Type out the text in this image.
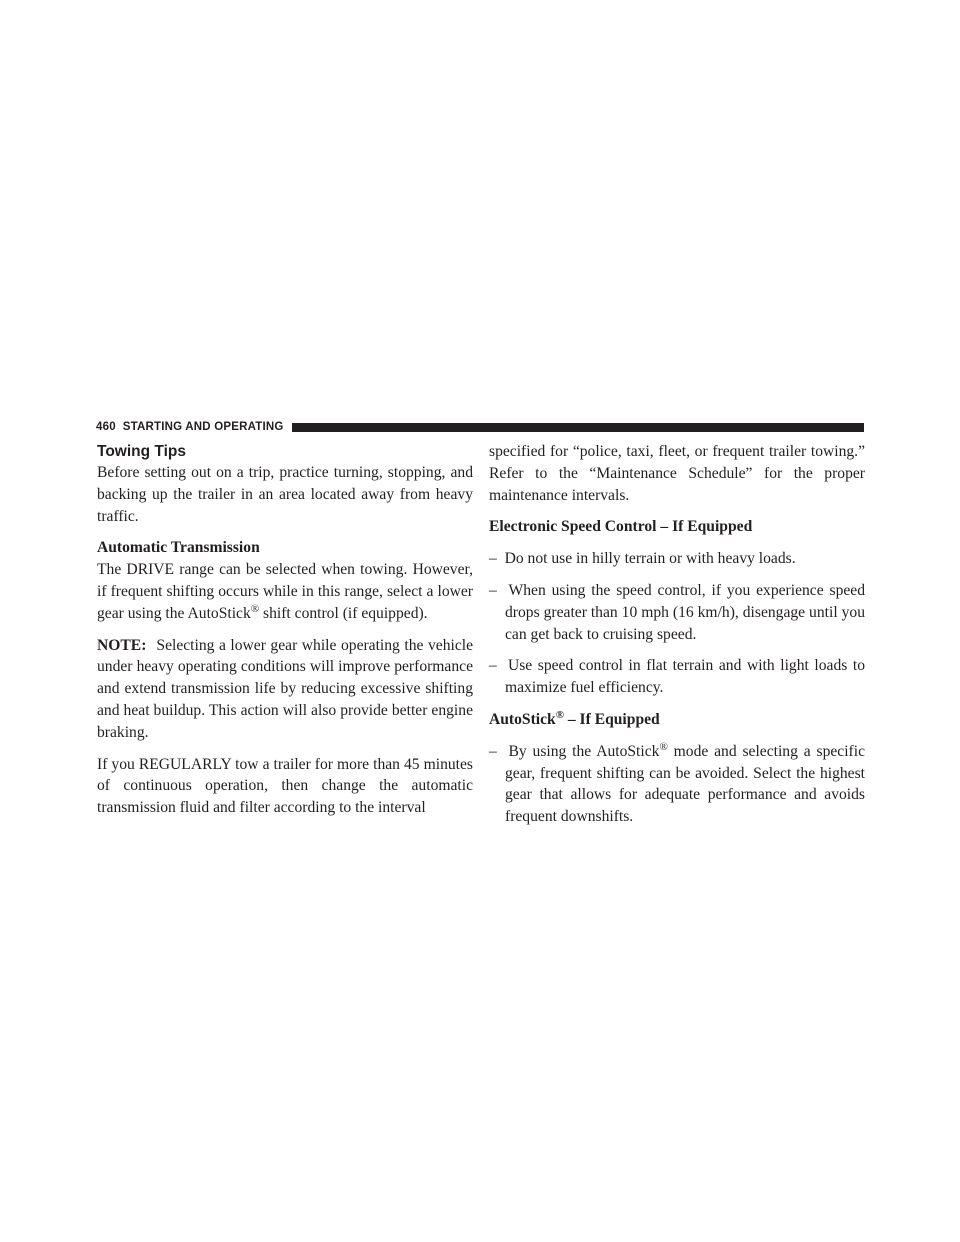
460 STARTING AND OPERATING
Towing Tips

Before setting out on a trip, practice turning, stopping, and backing up the trailer in an area located away from heavy traffic.

Automatic Transmission

The DRIVE range can be selected when towing. However, if frequent shifting occurs while in this range, select a lower gear using the AutoStick® shift control (if equipped).

NOTE: Selecting a lower gear while operating the vehicle under heavy operating conditions will improve performance and extend transmission life by reducing excessive shifting and heat buildup. This action will also provide better engine braking.

If you REGULARLY tow a trailer for more than 45 minutes of continuous operation, then change the automatic transmission fluid and filter according to the interval

specified for “police, taxi, fleet, or frequent trailer towing.” Refer to the “Maintenance Schedule” for the proper maintenance intervals.

Electronic Speed Control – If Equipped

– Do not use in hilly terrain or with heavy loads.

– When using the speed control, if you experience speed drops greater than 10 mph (16 km/h), disengage until you can get back to cruising speed.

– Use speed control in flat terrain and with light loads to maximize fuel efficiency.

AutoStick® – If Equipped

– By using the AutoStick® mode and selecting a specific gear, frequent shifting can be avoided. Select the highest gear that allows for adequate performance and avoids frequent downshifts.
